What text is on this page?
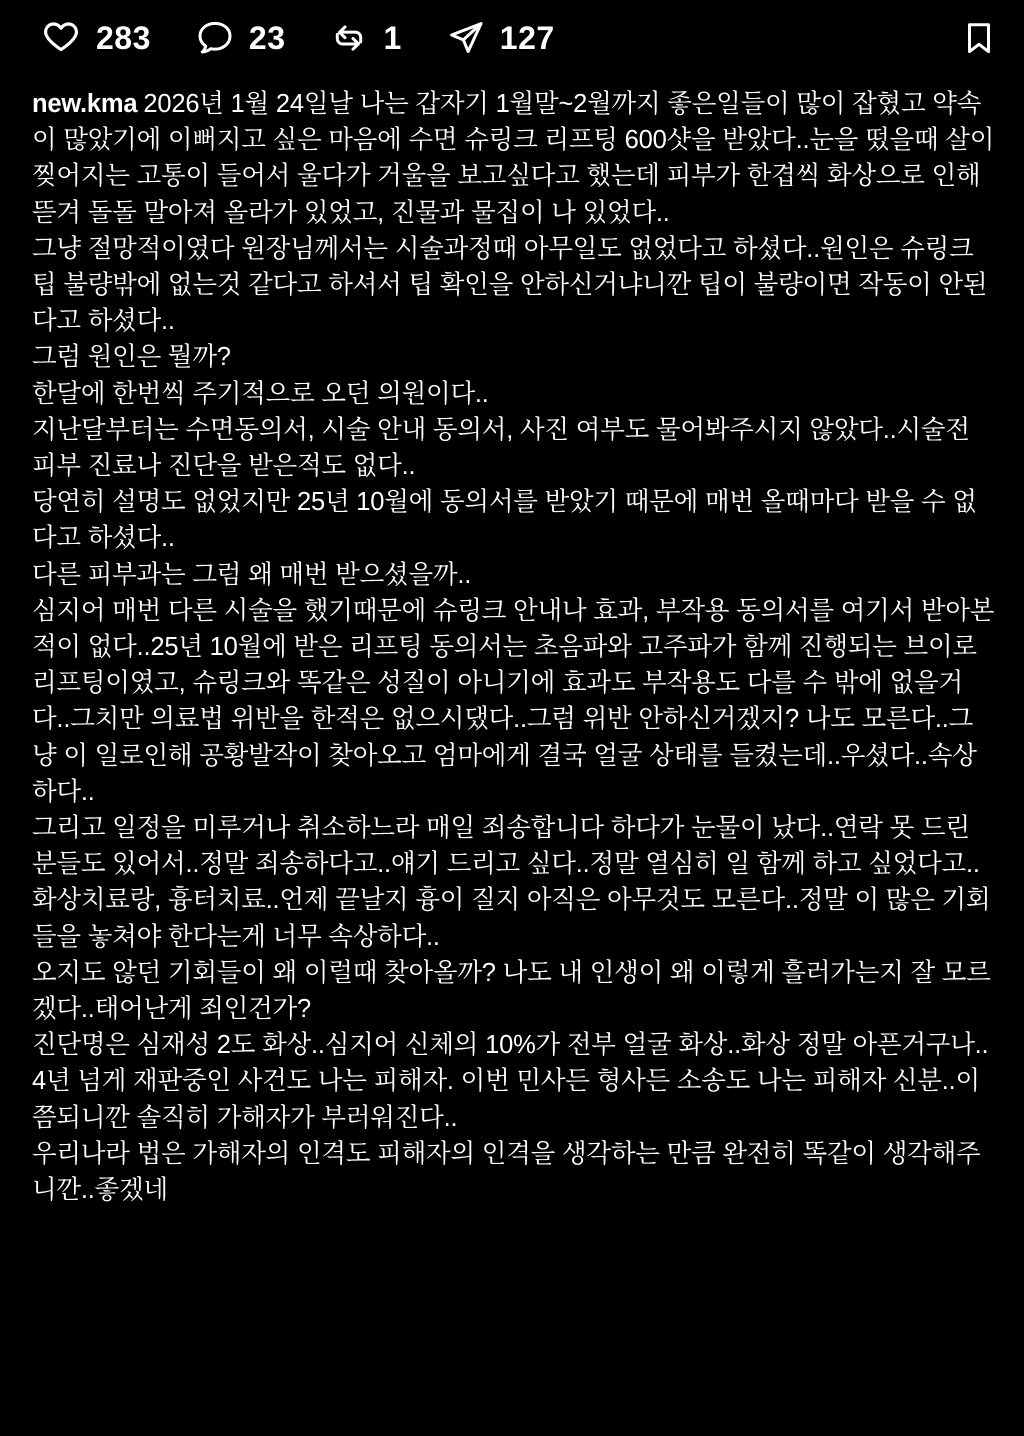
283	23	1	127
new.kma 2026년 1월 24일날 나는 갑자기 1월말~2월까지 좋은일들이 많이 잡혔고 약속이 많았기에 이뻐지고 싶은 마음에 수면 슈링크 리프팅 600샷을 받았다..눈을 떴을때 살이 찢어지는 고통이 들어서 울다가 거울을 보고싶다고 했는데 피부가 한겹씩 화상으로 인해 뜯겨 돌돌 말아져 올라가 있었고, 진물과 물집이 나 있었다..
그냥 절망적이였다 원장님께서는 시술과정때 아무일도 없었다고 하셨다..원인은 슈링크 팁 불량밖에 없는것 같다고 하셔서 팁 확인을 안하신거냐니깐 팁이 불량이면 작동이 안된다고 하셨다..
그럼 원인은 뭘까?
한달에 한번씩 주기적으로 오던 의원이다..
지난달부터는 수면동의서, 시술 안내 동의서, 사진 여부도 물어봐주시지 않았다..시술전 피부 진료나 진단을 받은적도 없다..
당연히 설명도 없었지만 25년 10월에 동의서를 받았기 때문에 매번 올때마다 받을 수 없다고 하셨다..
다른 피부과는 그럼 왜 매번 받으셨을까..
심지어 매번 다른 시술을 했기때문에 슈링크 안내나 효과, 부작용 동의서를 여기서 받아본적이 없다..25년 10월에 받은 리프팅 동의서는 초음파와 고주파가 함께 진행되는 브이로 리프팅이였고, 슈링크와 똑같은 성질이 아니기에 효과도 부작용도 다를 수 밖에 없을거다..그치만 의료법 위반을 한적은 없으시댔다..그럼 위반 안하신거겠지? 나도 모른다..그냥 이 일로인해 공황발작이 찾아오고 엄마에게 결국 얼굴 상태를 들켰는데..우셨다..속상하다..
그리고 일정을 미루거나 취소하느라 매일 죄송합니다 하다가 눈물이 났다..연락 못 드린 분들도 있어서..정말 죄송하다고..얘기 드리고 싶다..정말 열심히 일 함께 하고 싶었다고..
화상치료랑, 흉터치료..언제 끝날지 흉이 질지 아직은 아무것도 모른다..정말 이 많은 기회들을 놓쳐야 한다는게 너무 속상하다..
오지도 않던 기회들이 왜 이럴때 찾아올까? 나도 내 인생이 왜 이렇게 흘러가는지 잘 모르겠다..태어난게 죄인건가?
진단명은 심재성 2도 화상..심지어 신체의 10%가 전부 얼굴 화상..화상 정말 아픈거구나..
4년 넘게 재판중인 사건도 나는 피해자. 이번 민사든 형사든 소송도 나는 피해자 신분..이쯤되니깐 솔직히 가해자가 부러워진다..
우리나라 법은 가해자의 인격도 피해자의 인격을 생각하는 만큼 완전히 똑같이 생각해주니깐..좋겠네
